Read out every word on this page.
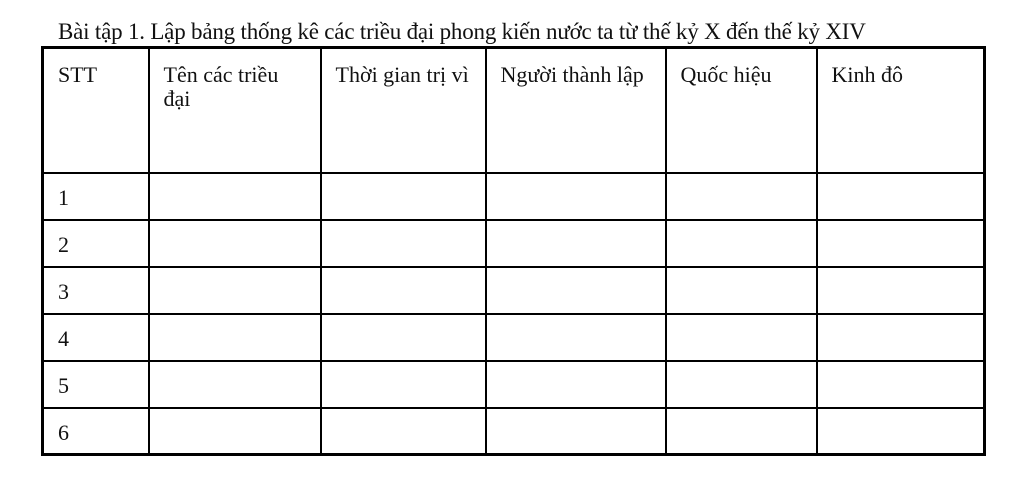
Bài tập 1. Lập bảng thống kê các triều đại phong kiến nước ta từ thế kỷ X đến thế kỷ XIV
STT	Tên các triều đại	Thời gian trị vì	Người thành lập	Quốc hiệu	Kinh đô
1					
2					
3					
4					
5					
6					
